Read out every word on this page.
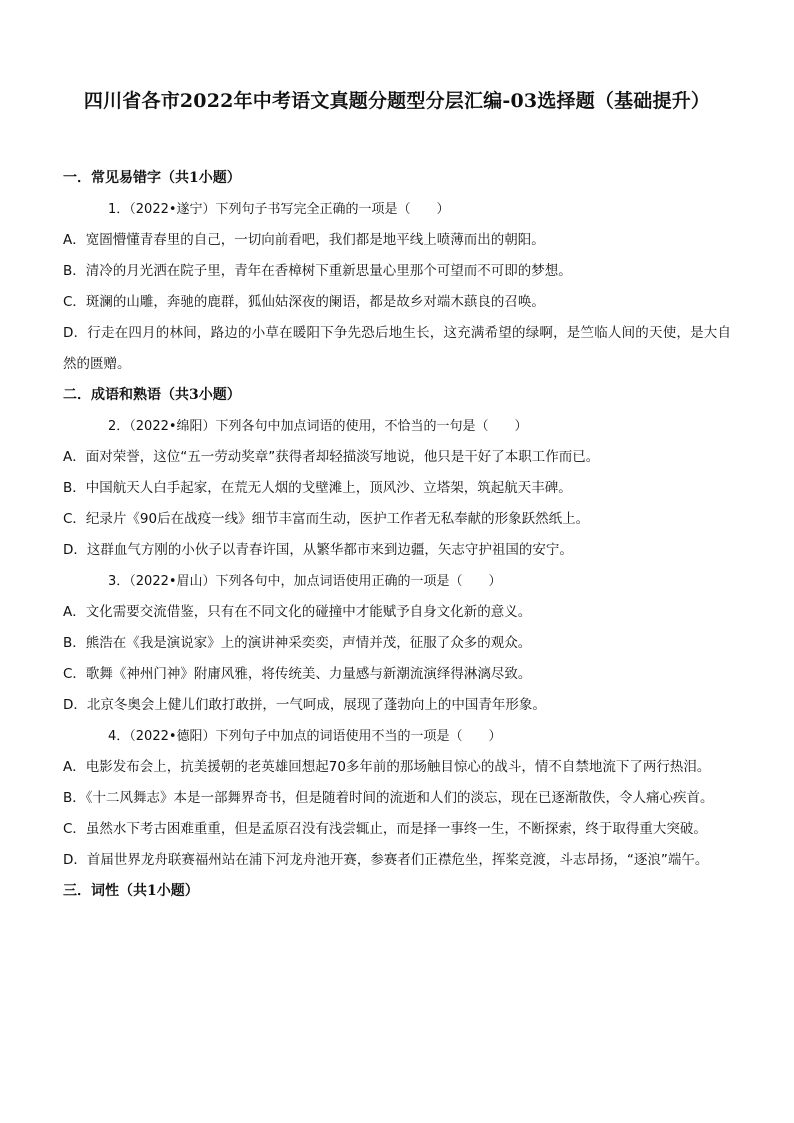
四川省各市2022年中考语文真题分题型分层汇编-03选择题（基础提升）
一．常见易错字（共1小题）
1．（2022•遂宁）下列句子书写完全正确的一项是（　　）

A．宽圄懵懂青春里的自己，一切向前看吧，我们都是地平线上喷薄而出的朝阳。

B．清冷的月光洒在院子里，青年在香樟树下重新思量心里那个可望而不可即的梦想。

C．斑澜的山雕，奔驰的鹿群，狐仙姑深夜的阑语，都是故乡对端木蕻良的召唤。

D．行走在四月的林间，路边的小草在暖阳下争先恐后地生长，这充满希望的绿啊，是竺临人间的天使，是大自然的匮赠。

二．成语和熟语（共3小题）
2．（2022•绵阳）下列各句中加点词语的使用，不恰当的一句是（　　）

A．面对荣誉，这位“五一劳动奖章”获得者却轻描淡写地说，他只是干好了本职工作而已。

B．中国航天人白手起家，在荒无人烟的戈壁滩上，顶风沙、立塔架，筑起航天丰碑。

C．纪录片《90后在战疫一线》细节丰富而生动，医护工作者无私奉献的形象跃然纸上。

D．这群血气方刚的小伙子以青春许国，从繁华都市来到边疆，矢志守护祖国的安宁。

3．（2022•眉山）下列各句中，加点词语使用正确的一项是（　　）

A．文化需要交流借鉴，只有在不同文化的碰撞中才能赋予自身文化新的意义。

B．熊浩在《我是演说家》上的演讲神采奕奕，声情并茂，征服了众多的观众。

C．歌舞《神州门神》附庸风雅，将传统美、力量感与新潮流演绎得淋漓尽致。

D．北京冬奥会上健儿们敢打敢拼，一气呵成，展现了蓬勃向上的中国青年形象。

4．（2022•德阳）下列句子中加点的词语使用不当的一项是（　　）

A．电影发布会上，抗美援朝的老英雄回想起70多年前的那场触目惊心的战斗，情不自禁地流下了两行热泪。

B．《十二风舞志》本是一部舞界奇书，但是随着时间的流逝和人们的淡忘，现在已逐渐散佚，令人痛心疾首。

C．虽然水下考古困难重重，但是孟原召没有浅尝辄止，而是择一事终一生，不断探索，终于取得重大突破。

D．首届世界龙舟联赛福州站在浦下河龙舟池开赛，参赛者们正襟危坐，挥桨竞渡，斗志昂扬，“逐浪”端午。

三．词性（共1小题）
